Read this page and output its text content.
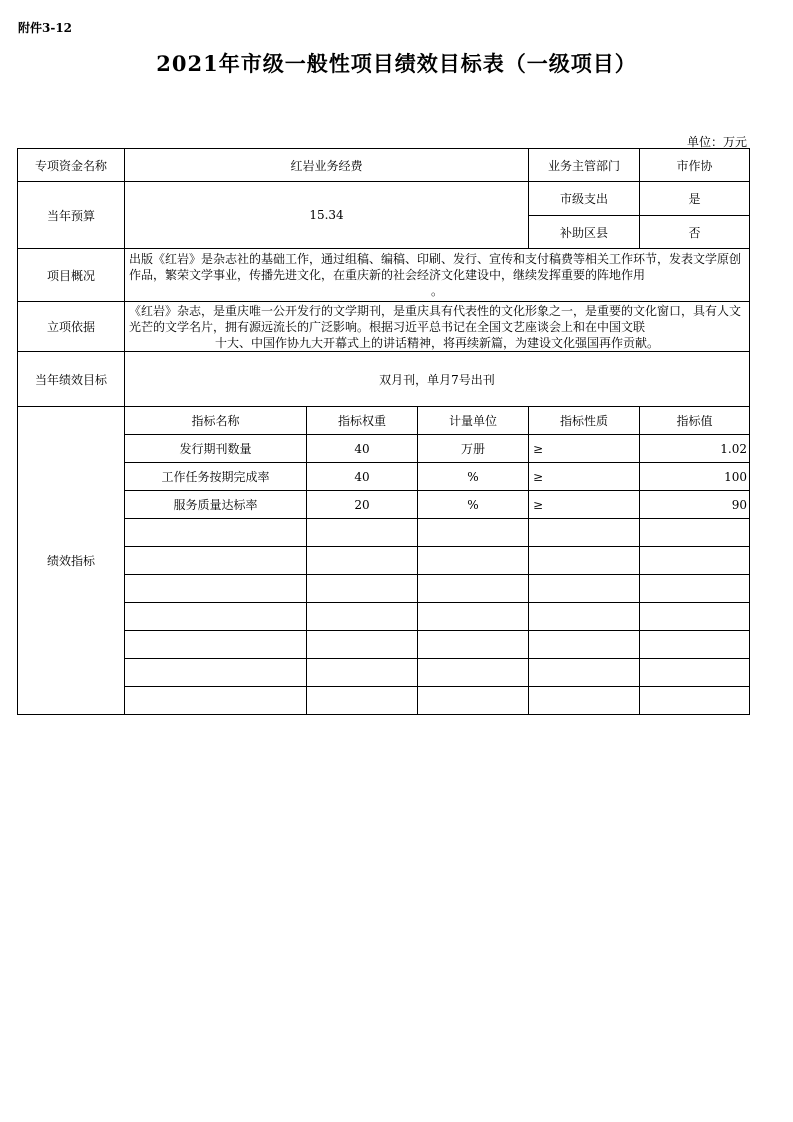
附件3-12
2021年市级一般性项目绩效目标表（一级项目）
单位：万元
专项资金名称	红岩业务经费			业务主管部门	市作协
当年预算	15.34			市级支出	是
				补助区县	否
项目概况	出版《红岩》是杂志社的基础工作，通过组稿、编稿、印刷、发行、宣传和支付稿费等相关工作环节，发表文学原创作品，繁荣文学事业，传播先进文化，在重庆新的社会经济文化建设中，继续发挥重要的阵地作用
。				

立项依据	《红岩》杂志，是重庆唯一公开发行的文学期刊，是重庆具有代表性的文化形象之一，是重要的文化窗口，具有人文光芒的文学名片，拥有源远流长的广泛影响。根据习近平总书记在全国文艺座谈会上和在中国文联
十大、中国作协九大开幕式上的讲话精神，将再续新篇，为建设文化强国再作贡献。				

当年绩效目标	双月刊，单月7号出刊				
绩效指标	指标名称	指标权重	计量单位	指标性质	指标值
	发行期刊数量	40	万册	≥	1.02
	工作任务按期完成率	40	%	≥	100
	服务质量达标率	20	%	≥	90
